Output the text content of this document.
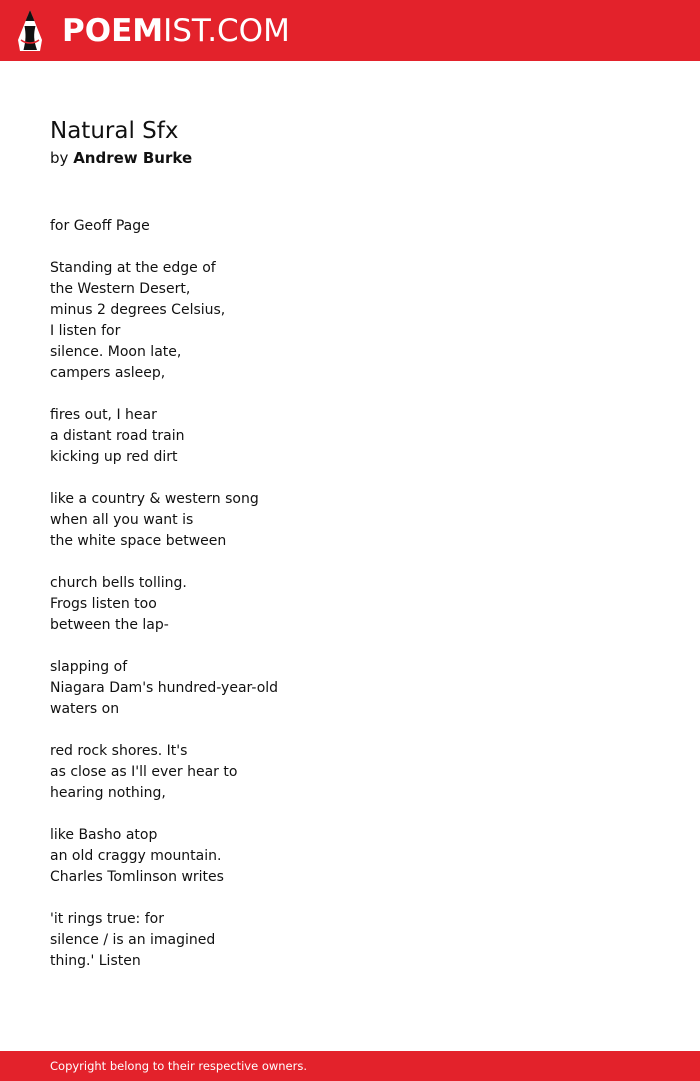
POEMIST.COM
Natural Sfx
by Andrew Burke

for Geoff Page

Standing at the edge of
the Western Desert,
minus 2 degrees Celsius,
I listen for
silence. Moon late,
campers asleep,

fires out, I hear
a distant road train
kicking up red dirt

like a country & western song
when all you want is
the white space between

church bells tolling.
Frogs listen too
between the lap-

slapping of
Niagara Dam's hundred-year-old
waters on

red rock shores. It's
as close as I'll ever hear to
hearing nothing,

like Basho atop
an old craggy mountain.
Charles Tomlinson writes

'it rings true: for
silence / is an imagined
thing.' Listen

Copyright belong to their respective owners.
